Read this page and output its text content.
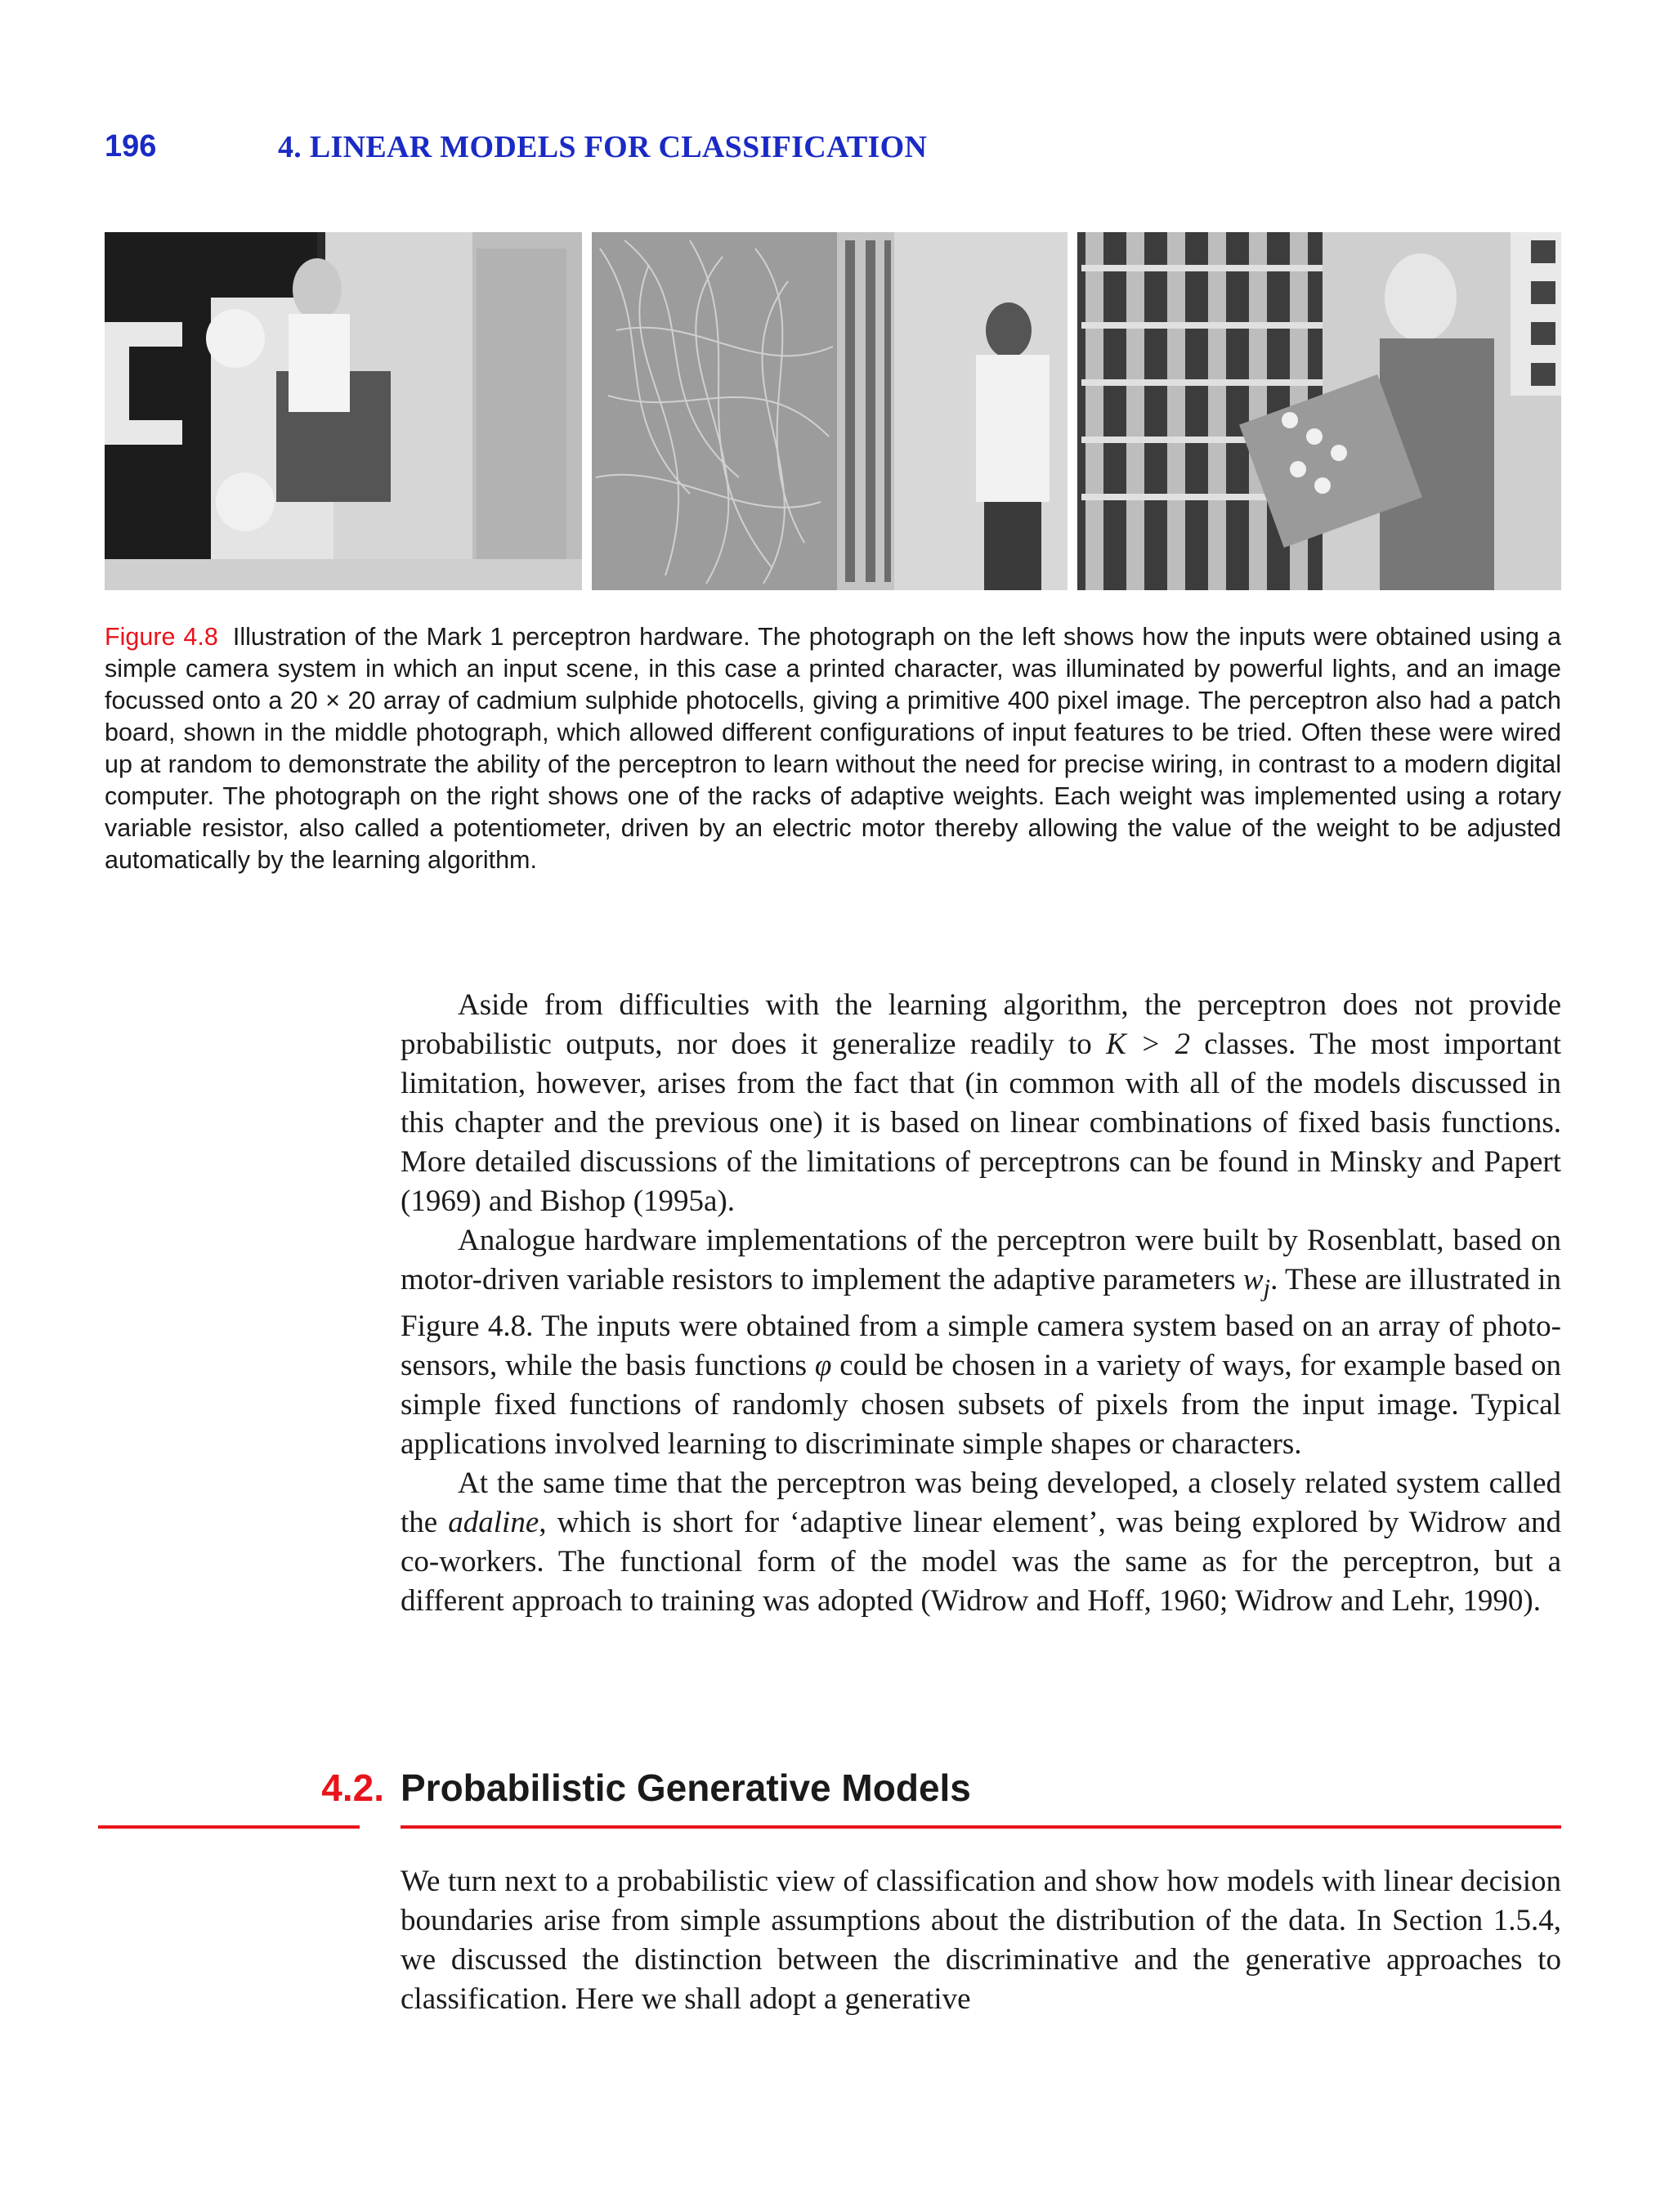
196	4. LINEAR MODELS FOR CLASSIFICATION
Figure 4.8 Illustration of the Mark 1 perceptron hardware. The photograph on the left shows how the inputs were obtained using a simple camera system in which an input scene, in this case a printed character, was illuminated by powerful lights, and an image focussed onto a 20 × 20 array of cadmium sulphide photocells, giving a primitive 400 pixel image. The perceptron also had a patch board, shown in the middle photograph, which allowed different configurations of input features to be tried. Often these were wired up at random to demonstrate the ability of the perceptron to learn without the need for precise wiring, in contrast to a modern digital computer. The photograph on the right shows one of the racks of adaptive weights. Each weight was implemented using a rotary variable resistor, also called a potentiometer, driven by an electric motor thereby allowing the value of the weight to be adjusted automatically by the learning algorithm.

Aside from difficulties with the learning algorithm, the perceptron does not provide probabilistic outputs, nor does it generalize readily to K > 2 classes. The most important limitation, however, arises from the fact that (in common with all of the models discussed in this chapter and the previous one) it is based on linear combinations of fixed basis functions. More detailed discussions of the limitations of perceptrons can be found in Minsky and Papert (1969) and Bishop (1995a).

Analogue hardware implementations of the perceptron were built by Rosenblatt, based on motor-driven variable resistors to implement the adaptive parameters $w_j$. These are illustrated in Figure 4.8. The inputs were obtained from a simple camera system based on an array of photo-sensors, while the basis functions φ could be chosen in a variety of ways, for example based on simple fixed functions of randomly chosen subsets of pixels from the input image. Typical applications involved learning to discriminate simple shapes or characters.

At the same time that the perceptron was being developed, a closely related system called the adaline, which is short for ‘adaptive linear element’, was being explored by Widrow and co-workers. The functional form of the model was the same as for the perceptron, but a different approach to training was adopted (Widrow and Hoff, 1960; Widrow and Lehr, 1990).

4.2. Probabilistic Generative Models

We turn next to a probabilistic view of classification and show how models with linear decision boundaries arise from simple assumptions about the distribution of the data. In Section 1.5.4, we discussed the distinction between the discriminative and the generative approaches to classification. Here we shall adopt a generative
